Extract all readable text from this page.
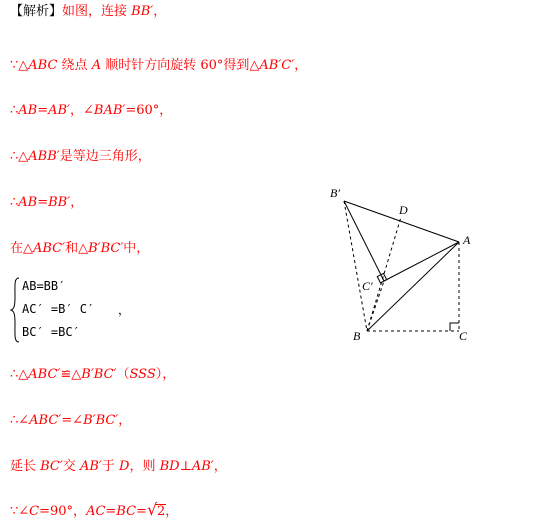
【解析】如图，连接 BB′，
∵△ABC 绕点 A 顺时针方向旋转 60°得到△AB′C′，
∴AB=AB′，∠BAB′=60°，
∴△ABB′是等边三角形，
∴AB=BB′，
在△ABC′和△B′BC′中，
AB=BB′
AC′ =B′ C′
BC′ =BC′
，
∴△ABC′≌△B′BC′（SSS），
∴∠ABC′=∠B′BC′，
延长 BC′交 AB′于 D，则 BD⊥AB′，
∵∠C=90°，AC=BC= √ 2，
B′
D
A
C′
B	C
